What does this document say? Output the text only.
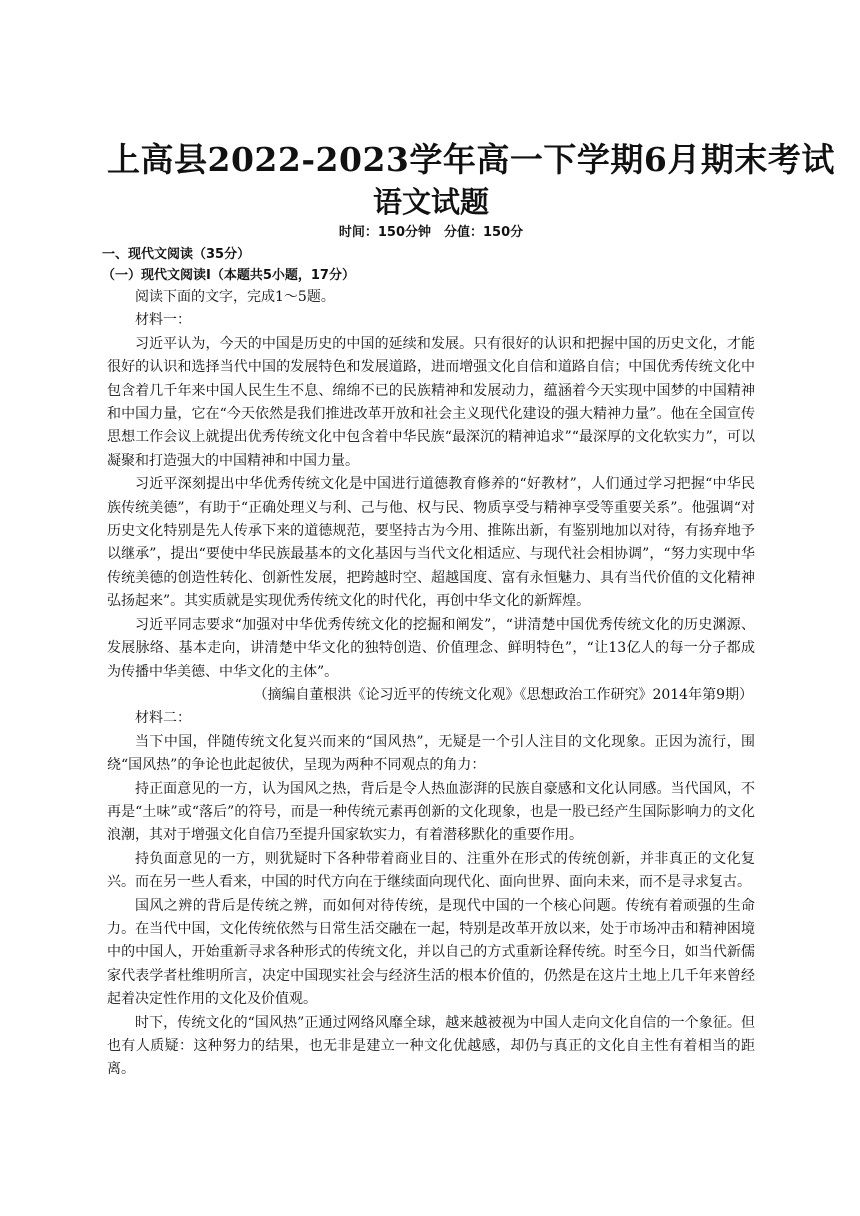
上高县2022-2023学年高一下学期6月期末考试
语文试题
时间：150分钟　分值：150分
一、现代文阅读（35分）
（一）现代文阅读Ⅰ（本题共5小题，17分）

阅读下面的文字，完成1～5题。

材料一：

习近平认为，今天的中国是历史的中国的延续和发展。只有很好的认识和把握中国的历史文化，才能很好的认识和选择当代中国的发展特色和发展道路，进而增强文化自信和道路自信；中国优秀传统文化中包含着几千年来中国人民生生不息、绵绵不已的民族精神和发展动力，蕴涵着今天实现中国梦的中国精神和中国力量，它在“今天依然是我们推进改革开放和社会主义现代化建设的强大精神力量”。他在全国宣传思想工作会议上就提出优秀传统文化中包含着中华民族“最深沉的精神追求”“最深厚的文化软实力”，可以凝聚和打造强大的中国精神和中国力量。

习近平深刻提出中华优秀传统文化是中国进行道德教育修养的“好教材”，人们通过学习把握“中华民族传统美德”，有助于“正确处理义与利、己与他、权与民、物质享受与精神享受等重要关系”。他强调“对历史文化特别是先人传承下来的道德规范，要坚持古为今用、推陈出新，有鉴别地加以对待，有扬弃地予以继承”，提出“要使中华民族最基本的文化基因与当代文化相适应、与现代社会相协调”，“努力实现中华传统美德的创造性转化、创新性发展，把跨越时空、超越国度、富有永恒魅力、具有当代价值的文化精神弘扬起来”。其实质就是实现优秀传统文化的时代化，再创中华文化的新辉煌。

习近平同志要求“加强对中华优秀传统文化的挖掘和阐发”，“讲清楚中国优秀传统文化的历史渊源、发展脉络、基本走向，讲清楚中华文化的独特创造、价值理念、鲜明特色”，“让13亿人的每一分子都成为传播中华美德、中华文化的主体”。

（摘编自董根洪《论习近平的传统文化观》《思想政治工作研究》2014年第9期）

材料二：

当下中国，伴随传统文化复兴而来的“国风热”，无疑是一个引人注目的文化现象。正因为流行，围绕“国风热”的争论也此起彼伏，呈现为两种不同观点的角力：

持正面意见的一方，认为国风之热，背后是令人热血澎湃的民族自豪感和文化认同感。当代国风，不再是“土味”或“落后”的符号，而是一种传统元素再创新的文化现象，也是一股已经产生国际影响力的文化浪潮，其对于增强文化自信乃至提升国家软实力，有着潜移默化的重要作用。

持负面意见的一方，则犹疑时下各种带着商业目的、注重外在形式的传统创新，并非真正的文化复兴。而在另一些人看来，中国的时代方向在于继续面向现代化、面向世界、面向未来，而不是寻求复古。

国风之辨的背后是传统之辨，而如何对待传统，是现代中国的一个核心问题。传统有着顽强的生命力。在当代中国，文化传统依然与日常生活交融在一起，特别是改革开放以来，处于市场冲击和精神困境中的中国人，开始重新寻求各种形式的传统文化，并以自己的方式重新诠释传统。时至今日，如当代新儒家代表学者杜维明所言，决定中国现实社会与经济生活的根本价值的，仍然是在这片土地上几千年来曾经起着决定性作用的文化及价值观。

时下，传统文化的“国风热”正通过网络风靡全球，越来越被视为中国人走向文化自信的一个象征。但也有人质疑：这种努力的结果，也无非是建立一种文化优越感，却仍与真正的文化自主性有着相当的距离。
